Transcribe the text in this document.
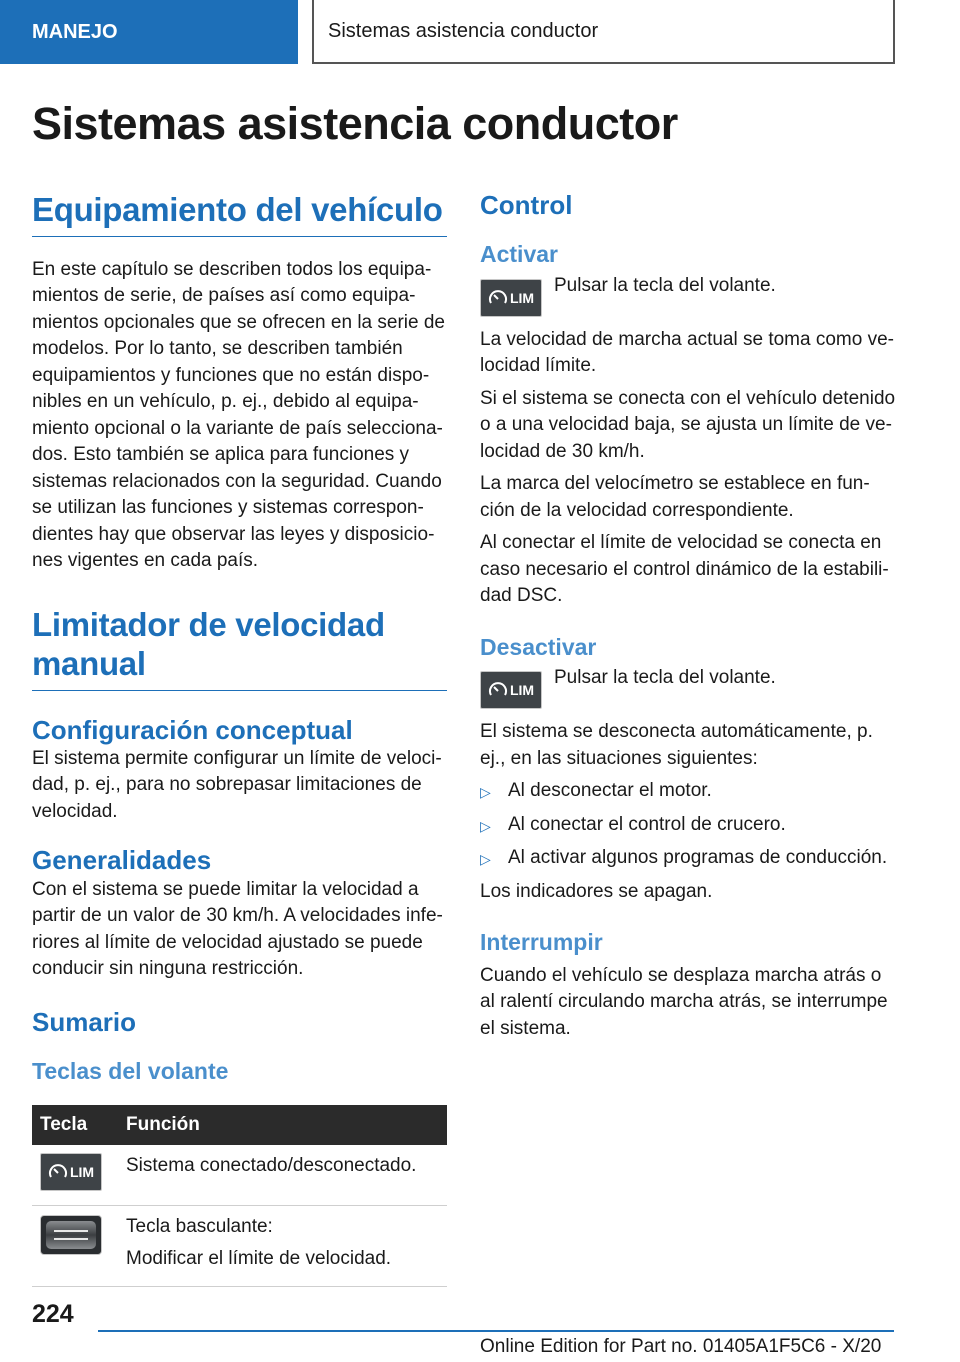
MANEJO	Sistemas asistencia conductor
Sistemas asistencia conductor
Equipamiento del vehículo

En este capítulo se describen todos los equipamientos de serie, de países así como equipamientos opcionales que se ofrecen en la serie de modelos. Por lo tanto, se describen también equipamientos y funciones que no están disponibles en un vehículo, p. ej., debido al equipamiento opcional o la variante de país seleccionados. Esto también se aplica para funciones y sistemas relacionados con la seguridad. Cuando se utilizan las funciones y sistemas correspondientes hay que observar las leyes y disposiciones vigentes en cada país.

Limitador de velocidad manual
Configuración conceptual

El sistema permite configurar un límite de velocidad, p. ej., para no sobrepasar limitaciones de velocidad.

Generalidades

Con el sistema se puede limitar la velocidad a partir de un valor de 30 km/h. A velocidades inferiores al límite de velocidad ajustado se puede conducir sin ninguna restricción.

Sumario
Teclas del volante
Tecla	Función

LIM	Sistema conectado/desconectado.

	Tecla basculante:
Modificar el límite de velocidad.
Control
Activar
LIM

Pulsar la tecla del volante.

La velocidad de marcha actual se toma como velocidad límite.

Si el sistema se conecta con el vehículo detenido o a una velocidad baja, se ajusta un límite de velocidad de 30 km/h.

La marca del velocímetro se establece en función de la velocidad correspondiente.

Al conectar el límite de velocidad se conecta en caso necesario el control dinámico de la estabilidad DSC.

Desactivar
LIM

Pulsar la tecla del volante.

El sistema se desconecta automáticamente, p. ej., en las situaciones siguientes:

▷ Al desconectar el motor.
▷ Al conectar el control de crucero.
▷ Al activar algunos programas de conducción.

Los indicadores se apagan.

Interrumpir

Cuando el vehículo se desplaza marcha atrás o al ralentí circulando marcha atrás, se interrumpe el sistema.

224
Online Edition for Part no. 01405A1F5C6 - X/20
